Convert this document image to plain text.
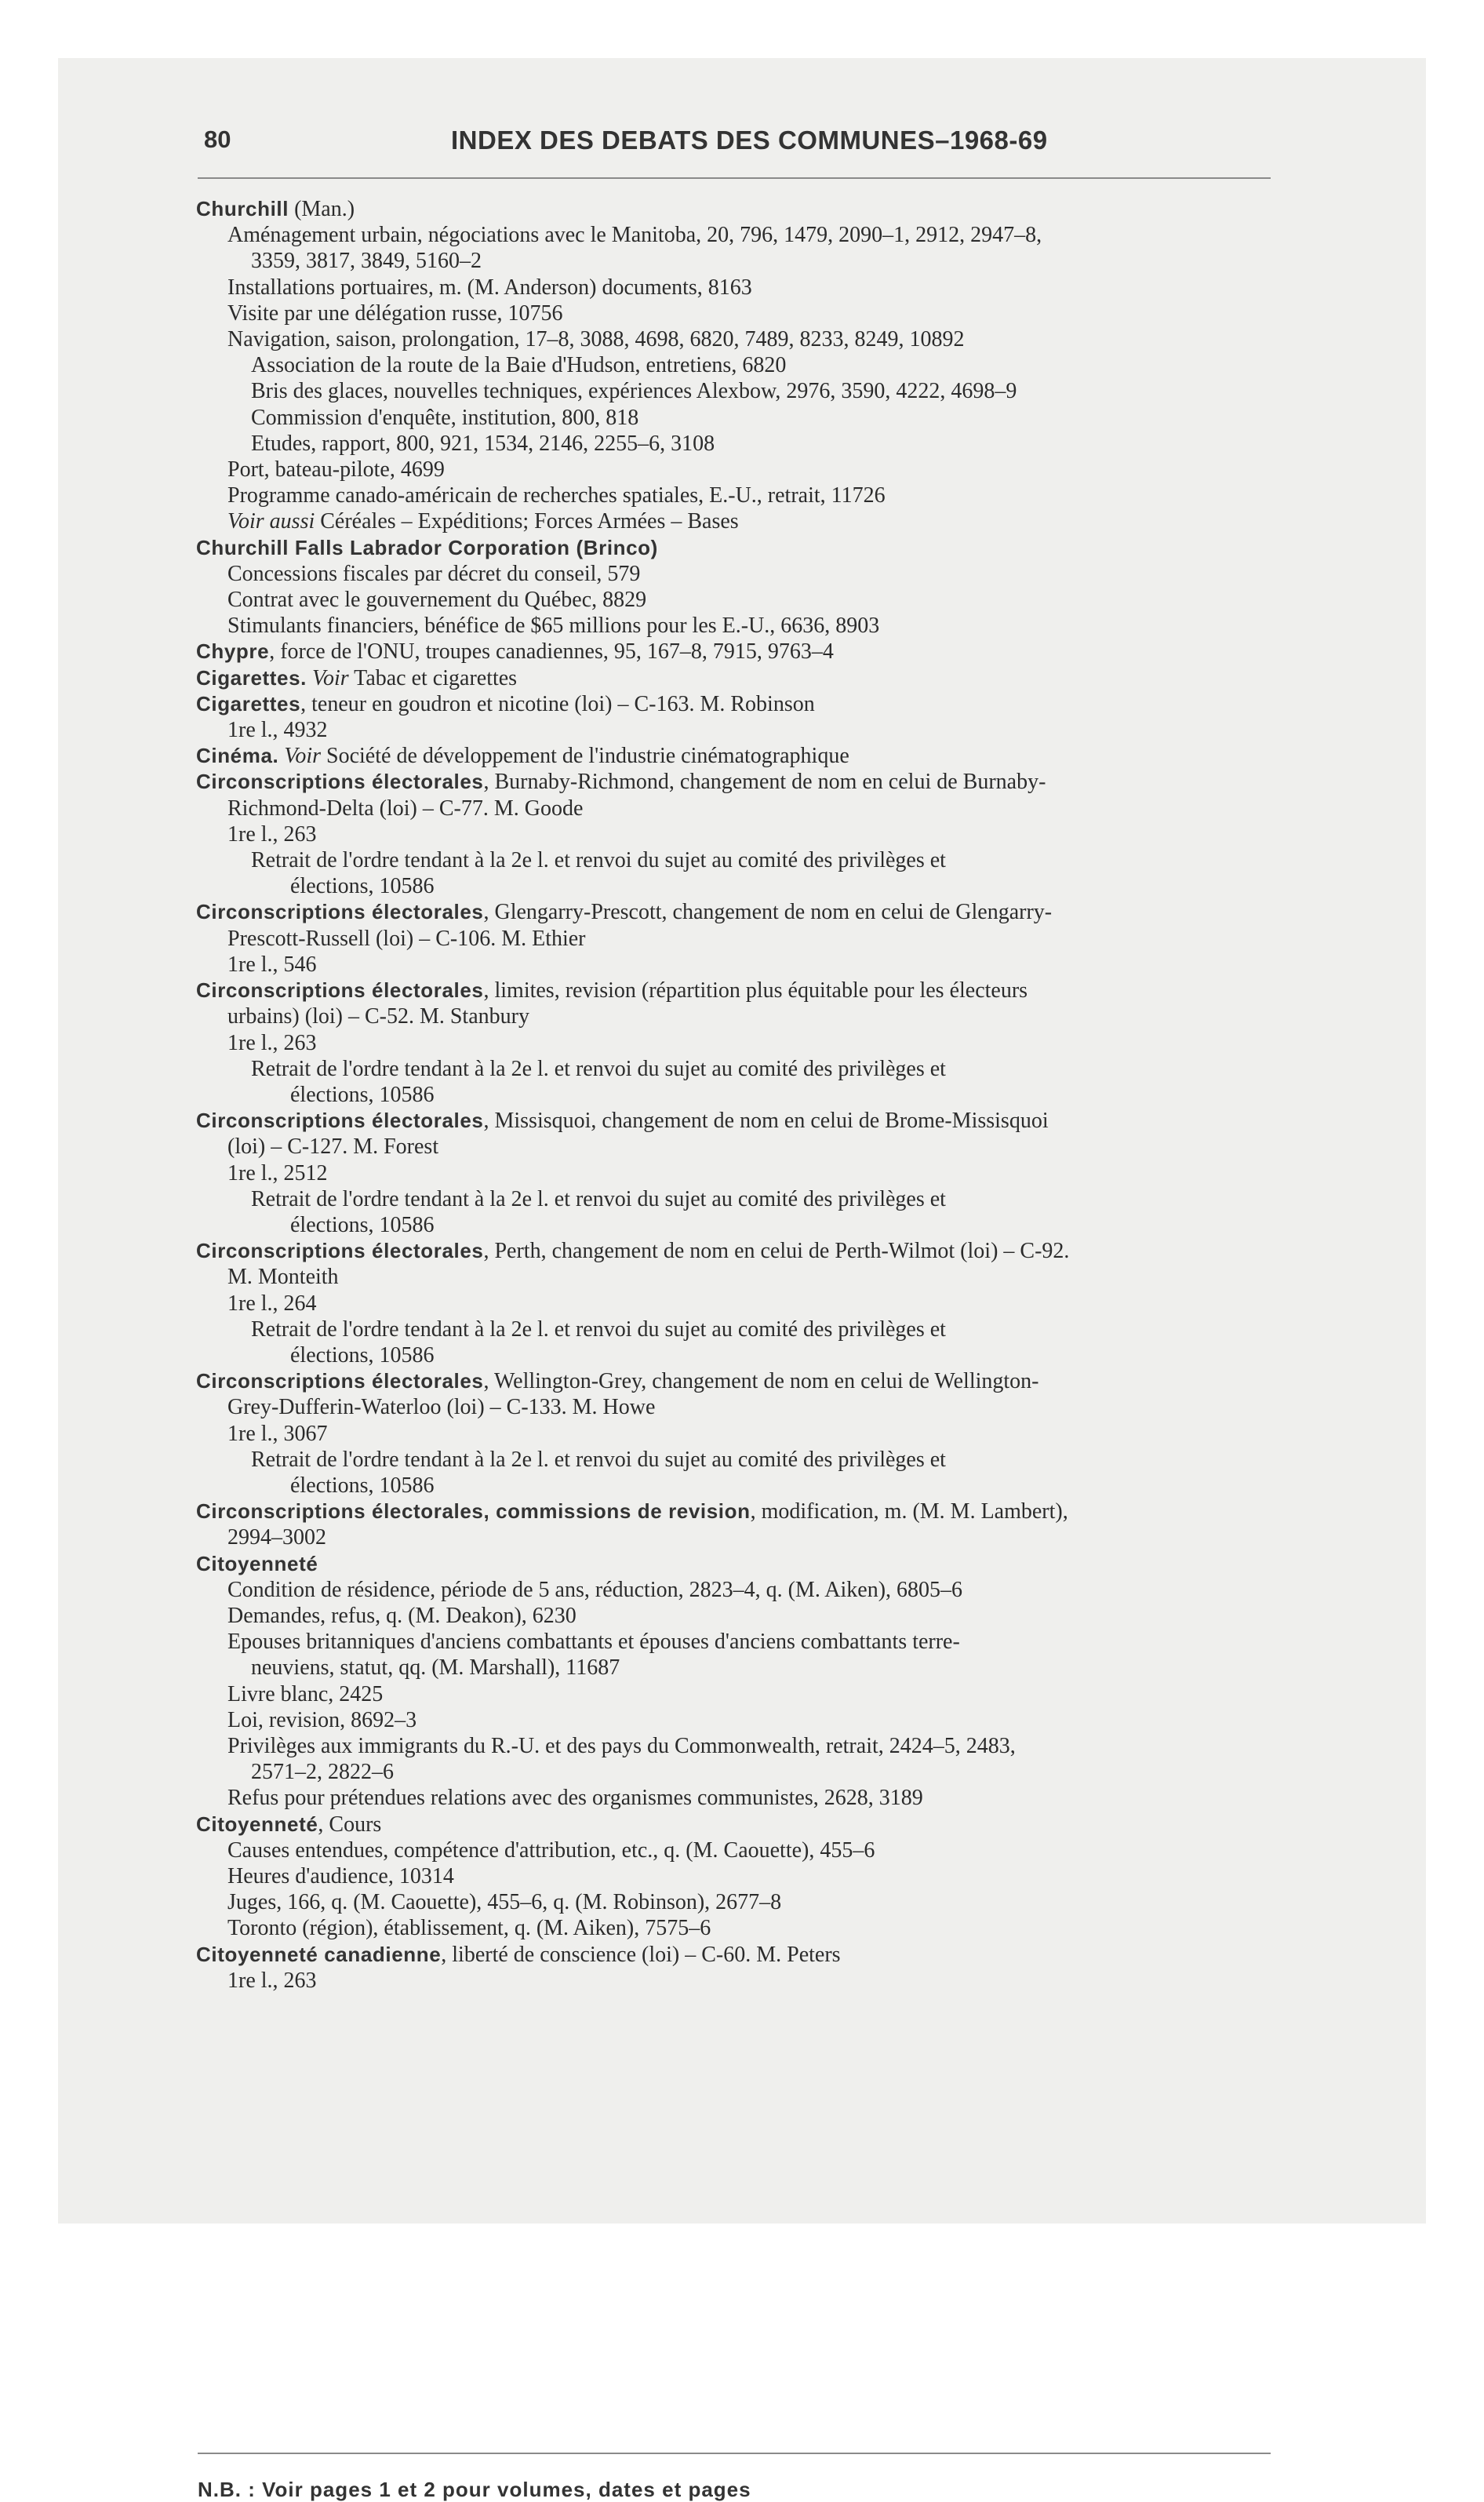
80	INDEX DES DEBATS DES COMMUNES–1968-69
Churchill (Man.)
Aménagement urbain, négociations avec le Manitoba, 20, 796, 1479, 2090–1, 2912, 2947–8,
3359, 3817, 3849, 5160–2
Installations portuaires, m. (M. Anderson) documents, 8163
Visite par une délégation russe, 10756
Navigation, saison, prolongation, 17–8, 3088, 4698, 6820, 7489, 8233, 8249, 10892
Association de la route de la Baie d'Hudson, entretiens, 6820
Bris des glaces, nouvelles techniques, expériences Alexbow, 2976, 3590, 4222, 4698–9
Commission d'enquête, institution, 800, 818
Etudes, rapport, 800, 921, 1534, 2146, 2255–6, 3108
Port, bateau-pilote, 4699
Programme canado-américain de recherches spatiales, E.-U., retrait, 11726
Voir aussi Céréales – Expéditions; Forces Armées – Bases
Churchill Falls Labrador Corporation (Brinco)
Concessions fiscales par décret du conseil, 579
Contrat avec le gouvernement du Québec, 8829
Stimulants financiers, bénéfice de $65 millions pour les E.-U., 6636, 8903
Chypre, force de l'ONU, troupes canadiennes, 95, 167–8, 7915, 9763–4
Cigarettes. Voir Tabac et cigarettes
Cigarettes, teneur en goudron et nicotine (loi) – C-163. M. Robinson
1re l., 4932
Cinéma. Voir Société de développement de l'industrie cinématographique
Circonscriptions électorales, Burnaby-Richmond, changement de nom en celui de Burnaby-
Richmond-Delta (loi) – C-77. M. Goode
1re l., 263
Retrait de l'ordre tendant à la 2e l. et renvoi du sujet au comité des privilèges et
élections, 10586
Circonscriptions électorales, Glengarry-Prescott, changement de nom en celui de Glengarry-
Prescott-Russell (loi) – C-106. M. Ethier
1re l., 546
Circonscriptions électorales, limites, revision (répartition plus équitable pour les électeurs
urbains) (loi) – C-52. M. Stanbury
1re l., 263
Retrait de l'ordre tendant à la 2e l. et renvoi du sujet au comité des privilèges et
élections, 10586
Circonscriptions électorales, Missisquoi, changement de nom en celui de Brome-Missisquoi
(loi) – C-127. M. Forest
1re l., 2512
Retrait de l'ordre tendant à la 2e l. et renvoi du sujet au comité des privilèges et
élections, 10586
Circonscriptions électorales, Perth, changement de nom en celui de Perth-Wilmot (loi) – C-92.
M. Monteith
1re l., 264
Retrait de l'ordre tendant à la 2e l. et renvoi du sujet au comité des privilèges et
élections, 10586
Circonscriptions électorales, Wellington-Grey, changement de nom en celui de Wellington-
Grey-Dufferin-Waterloo (loi) – C-133. M. Howe
1re l., 3067
Retrait de l'ordre tendant à la 2e l. et renvoi du sujet au comité des privilèges et
élections, 10586
Circonscriptions électorales, commissions de revision, modification, m. (M. M. Lambert),
2994–3002
Citoyenneté
Condition de résidence, période de 5 ans, réduction, 2823–4, q. (M. Aiken), 6805–6
Demandes, refus, q. (M. Deakon), 6230
Epouses britanniques d'anciens combattants et épouses d'anciens combattants terre-
neuviens, statut, qq. (M. Marshall), 11687
Livre blanc, 2425
Loi, revision, 8692–3
Privilèges aux immigrants du R.-U. et des pays du Commonwealth, retrait, 2424–5, 2483,
2571–2, 2822–6
Refus pour prétendues relations avec des organismes communistes, 2628, 3189
Citoyenneté, Cours
Causes entendues, compétence d'attribution, etc., q. (M. Caouette), 455–6
Heures d'audience, 10314
Juges, 166, q. (M. Caouette), 455–6, q. (M. Robinson), 2677–8
Toronto (région), établissement, q. (M. Aiken), 7575–6
Citoyenneté canadienne, liberté de conscience (loi) – C-60. M. Peters
1re l., 263
N.B. : Voir pages 1 et 2 pour volumes, dates et pages
